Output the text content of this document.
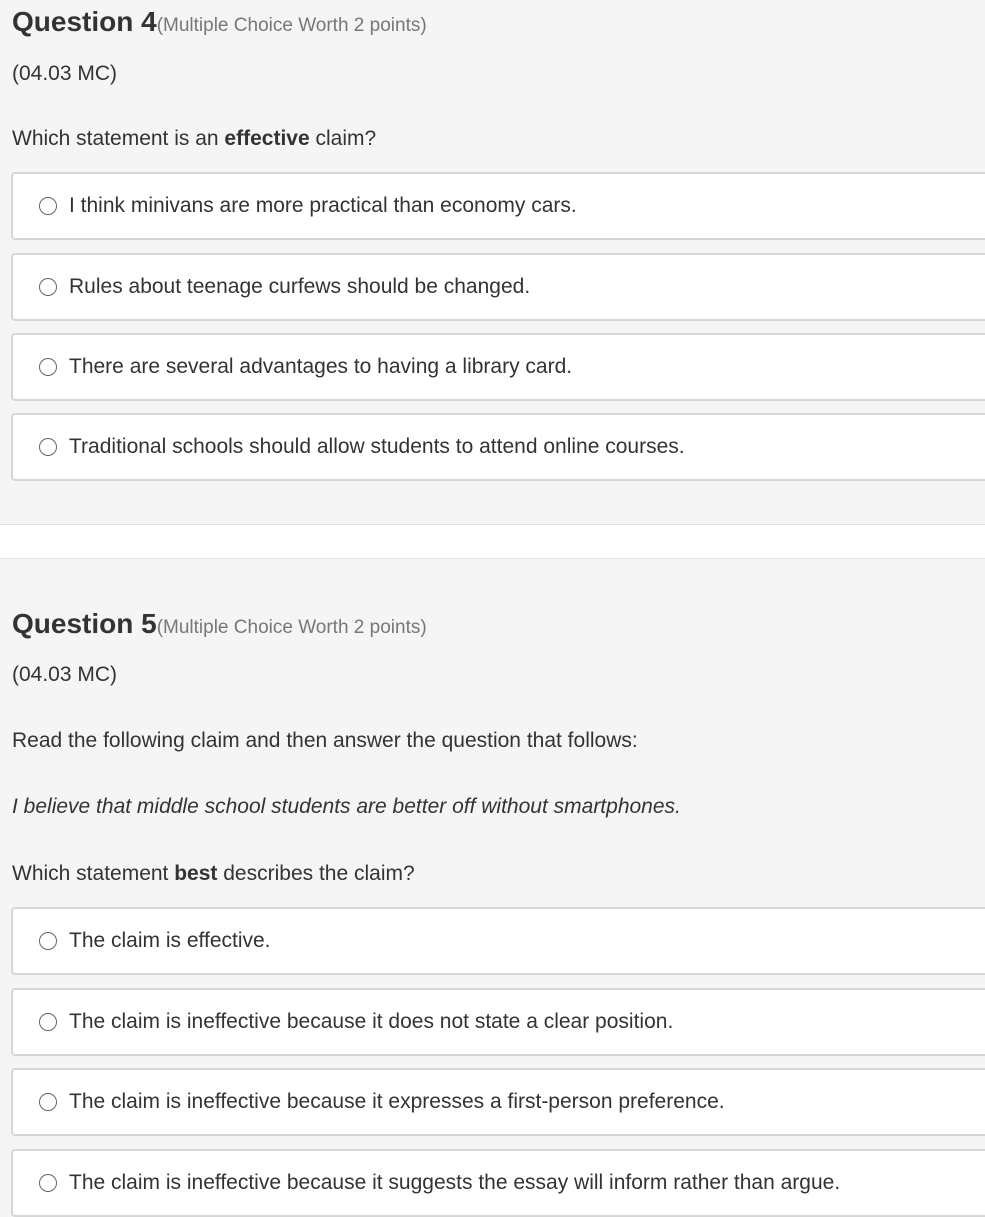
Question 4(Multiple Choice Worth 2 points)
(04.03 MC)
Which statement is an effective claim?
I think minivans are more practical than economy cars.
Rules about teenage curfews should be changed.
There are several advantages to having a library card.
Traditional schools should allow students to attend online courses.
Question 5(Multiple Choice Worth 2 points)
(04.03 MC)
Read the following claim and then answer the question that follows:
I believe that middle school students are better off without smartphones.
Which statement best describes the claim?
The claim is effective.
The claim is ineffective because it does not state a clear position.
The claim is ineffective because it expresses a first-person preference.
The claim is ineffective because it suggests the essay will inform rather than argue.
